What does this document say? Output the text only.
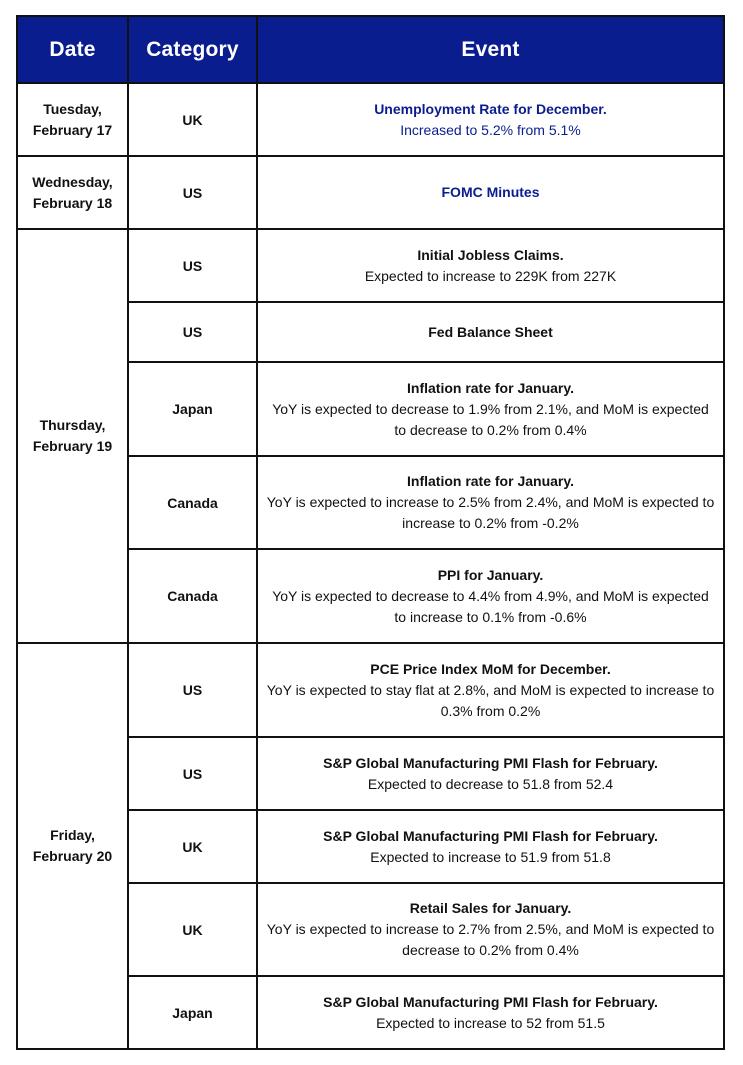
Date	Category	Event

Tuesday,
February 17	UK	Unemployment Rate for December.
Increased to 5.2% from 5.1%

Wednesday,
February 18	US	FOMC Minutes

Thursday,
February 19	US	Initial Jobless Claims.
Expected to increase to 229K from 227K

	US	Fed Balance Sheet

	Japan	Inflation rate for January.
YoY is expected to decrease to 1.9% from 2.1%, and MoM is expected to decrease to 0.2% from 0.4%

	Canada	Inflation rate for January.
YoY is expected to increase to 2.5% from 2.4%, and MoM is expected to increase to 0.2% from -0.2%

	Canada	PPI for January.
YoY is expected to decrease to 4.4% from 4.9%, and MoM is expected to increase to 0.1% from -0.6%

Friday,
February 20	US	PCE Price Index MoM for December.
YoY is expected to stay flat at 2.8%, and MoM is expected to increase to 0.3% from 0.2%

	US	S&P Global Manufacturing PMI Flash for February.
Expected to decrease to 51.8 from 52.4

	UK	S&P Global Manufacturing PMI Flash for February.
Expected to increase to 51.9 from 51.8

	UK	Retail Sales for January.
YoY is expected to increase to 2.7% from 2.5%, and MoM is expected to decrease to 0.2% from 0.4%

	Japan	S&P Global Manufacturing PMI Flash for February.
Expected to increase to 52 from 51.5
